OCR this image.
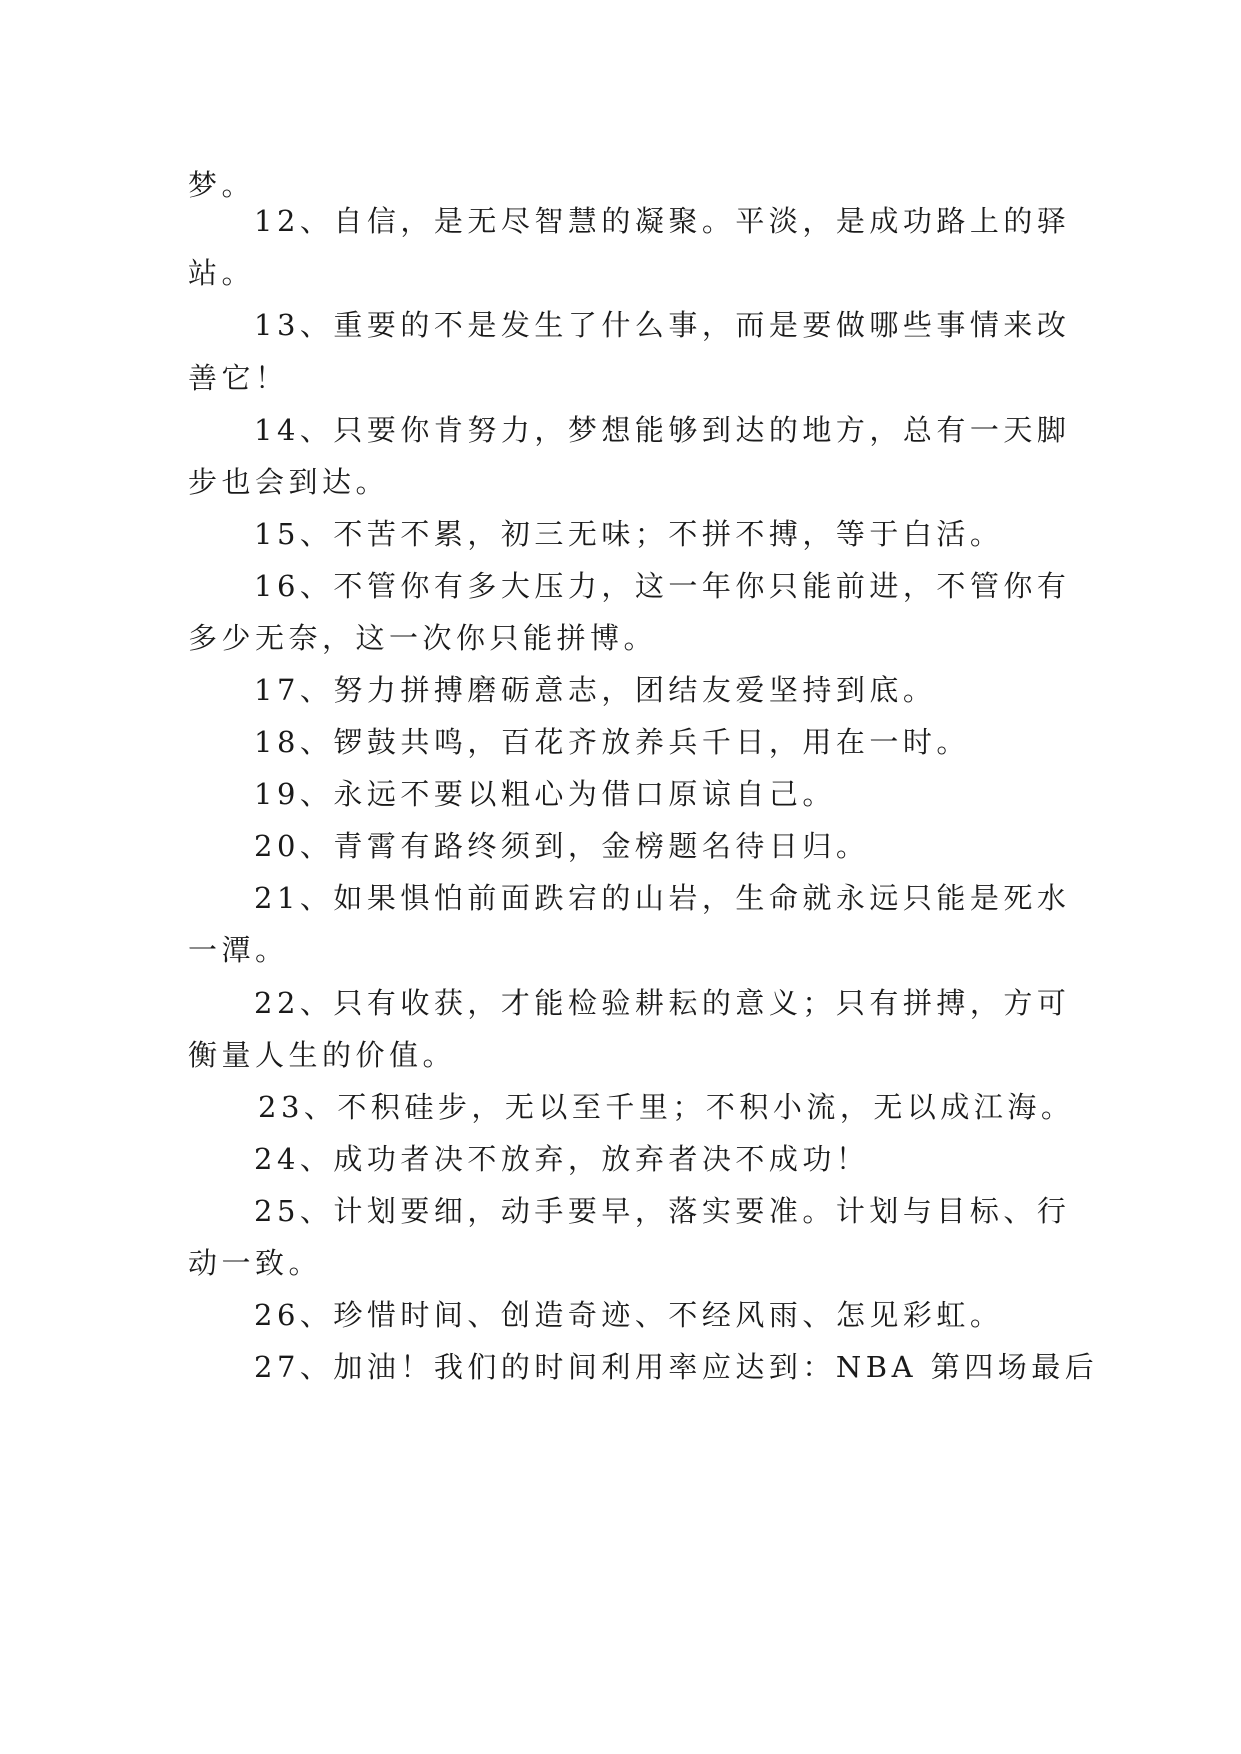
梦。
12、自信，是无尽智慧的凝聚。平淡，是成功路上的驿
站。
13、重要的不是发生了什么事，而是要做哪些事情来改
善它！
14、只要你肯努力，梦想能够到达的地方，总有一天脚
步也会到达。
15、不苦不累，初三无味；不拼不搏，等于白活。
16、不管你有多大压力，这一年你只能前进，不管你有
多少无奈，这一次你只能拼博。
17、努力拼搏磨砺意志，团结友爱坚持到底。
18、锣鼓共鸣，百花齐放养兵千日，用在一时。
19、永远不要以粗心为借口原谅自己。
20、青霄有路终须到，金榜题名待日归。
21、如果惧怕前面跌宕的山岩，生命就永远只能是死水
一潭。
22、只有收获，才能检验耕耘的意义；只有拼搏，方可
衡量人生的价值。
23、不积硅步，无以至千里；不积小流，无以成江海。
24、成功者决不放弃，放弃者决不成功！
25、计划要细，动手要早，落实要准。计划与目标、行
动一致。
26、珍惜时间、创造奇迹、不经风雨、怎见彩虹。
27、加油！我们的时间利用率应达到：NBA 第四场最后
